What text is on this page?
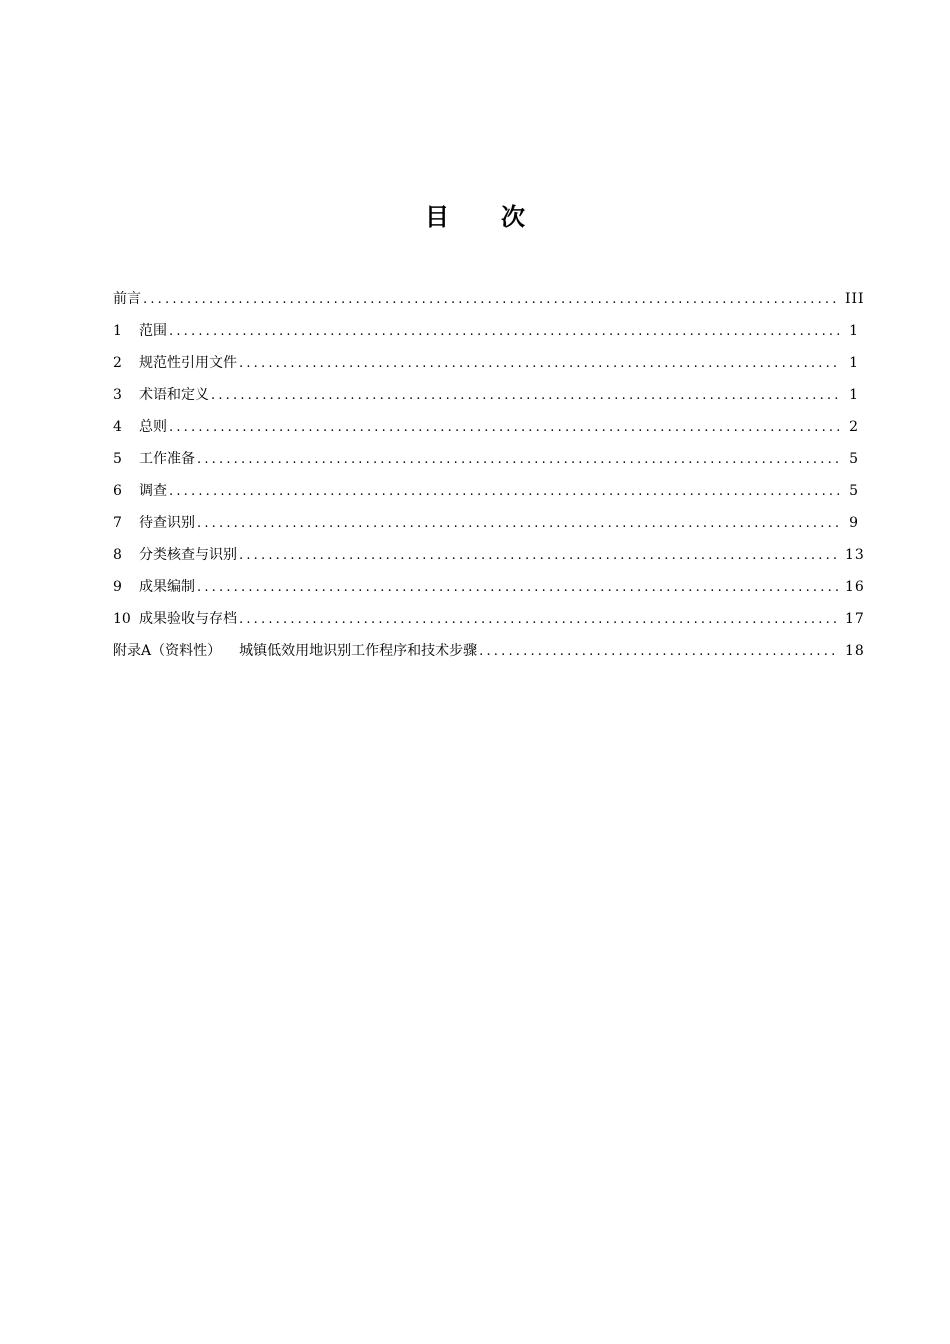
目 次
前言 .....	III
1	范围 .....	1
2	规范性引用文件 .....	1
3	术语和定义 .....	1
4	总则 .....	2
5	工作准备 .....	5
6	调查 .....	5
7	待查识别 .....	9
8	分类核查与识别 .....	13
9	成果编制 .....	16
10 成果验收与存档 .....	17
附录A（资料性） 城镇低效用地识别工作程序和技术步骤 .....	18
